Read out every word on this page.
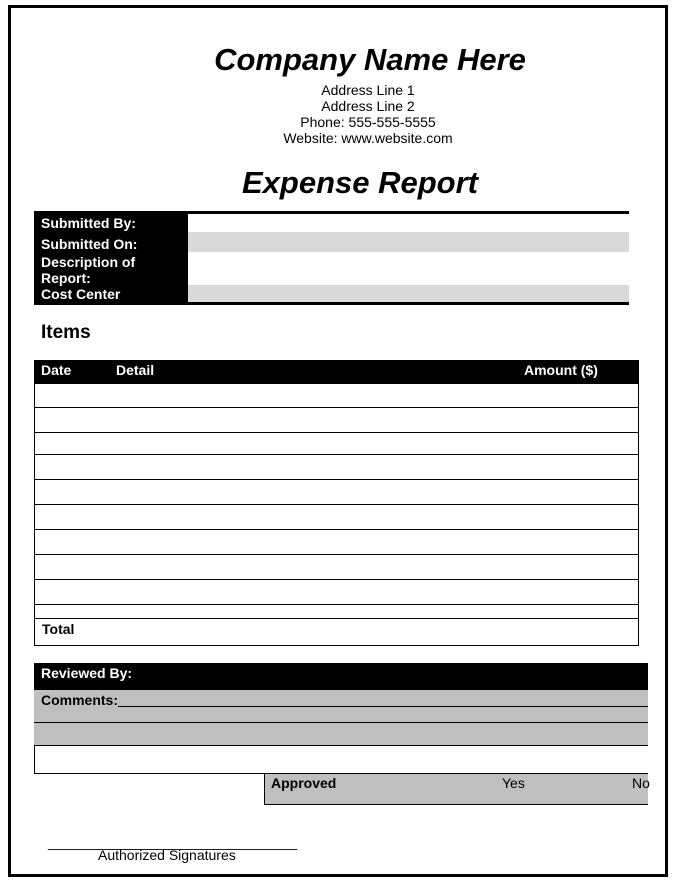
Company Name Here
Address Line 1
Address Line 2
Phone: 555-555-5555
Website: www.website.com
Expense Report
Submitted By:
Submitted On:
Description of
Report:
Cost Center
Items
Date	Detail	Amount ($)
Total
Reviewed By:
Comments:
Approved	Yes	No
________________________________
Authorized Signatures
